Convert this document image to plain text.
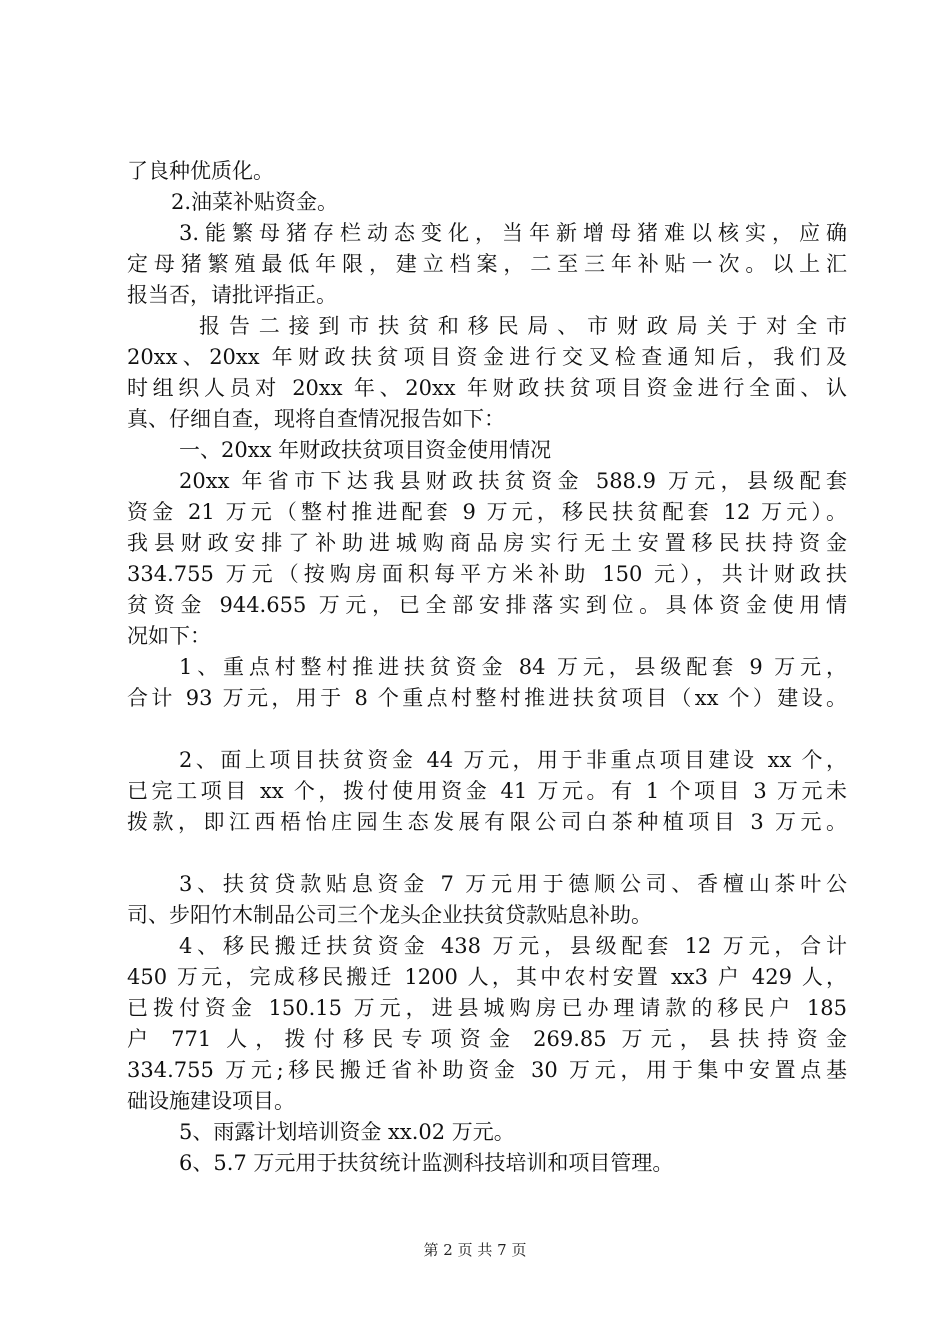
了良种优质化。
2.油菜补贴资金。
3.能繁母猪存栏动态变化，当年新增母猪难以核实，应确
定母猪繁殖最低年限，建立档案，二至三年补贴一次。以上汇
报当否，请批评指正。
报告二接到市扶贫和移民局、市财政局关于对全市
20xx、20xx 年财政扶贫项目资金进行交叉检查通知后，我们及
时组织人员对 20xx 年、20xx 年财政扶贫项目资金进行全面、认
真、仔细自查，现将自查情况报告如下：
一、20xx 年财政扶贫项目资金使用情况
20xx 年省市下达我县财政扶贫资金 588.9 万元，县级配套
资金 21 万元（整村推进配套 9 万元，移民扶贫配套 12 万元）。
我县财政安排了补助进城购商品房实行无土安置移民扶持资金
334.755 万元（按购房面积每平方米补助 150 元），共计财政扶
贫资金 944.655 万元，已全部安排落实到位。具体资金使用情
况如下：
1、重点村整村推进扶贫资金 84 万元，县级配套 9 万元，
合计 93 万元，用于 8 个重点村整村推进扶贫项目（xx 个）建设。
2、面上项目扶贫资金 44 万元，用于非重点项目建设 xx 个，
已完工项目 xx 个，拨付使用资金 41 万元。有 1 个项目 3 万元未
拨款，即江西梧怡庄园生态发展有限公司白茶种植项目 3 万元。
3、扶贫贷款贴息资金 7 万元用于德顺公司、香檀山茶叶公
司、步阳竹木制品公司三个龙头企业扶贫贷款贴息补助。
4、移民搬迁扶贫资金 438 万元，县级配套 12 万元，合计
450 万元，完成移民搬迁 1200 人，其中农村安置 xx3 户 429 人，
已拨付资金 150.15 万元，进县城购房已办理请款的移民户 185
户 771 人，拨付移民专项资金 269.85 万元，县扶持资金
334.755 万元;移民搬迁省补助资金 30 万元，用于集中安置点基
础设施建设项目。
5、雨露计划培训资金 xx.02 万元。
6、5.7 万元用于扶贫统计监测科技培训和项目管理。
第 2 页 共 7 页
